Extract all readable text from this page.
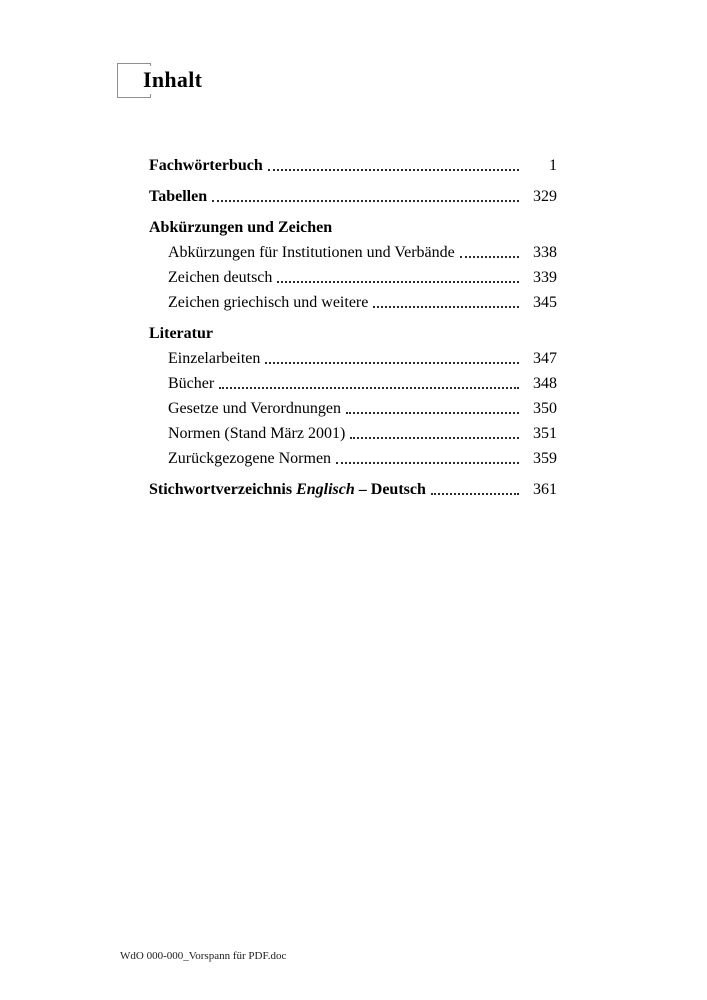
Inhalt
Fachwörterbuch	1
Tabellen	329
Abkürzungen und Zeichen
Abkürzungen für Institutionen und Verbände	338
Zeichen deutsch	339
Zeichen griechisch und weitere	345
Literatur
Einzelarbeiten	347
Bücher	348
Gesetze und Verordnungen	350
Normen (Stand März 2001)	351
Zurückgezogene Normen	359
Stichwortverzeichnis Englisch – Deutsch	361
WdO 000-000_Vorspann für PDF.doc
